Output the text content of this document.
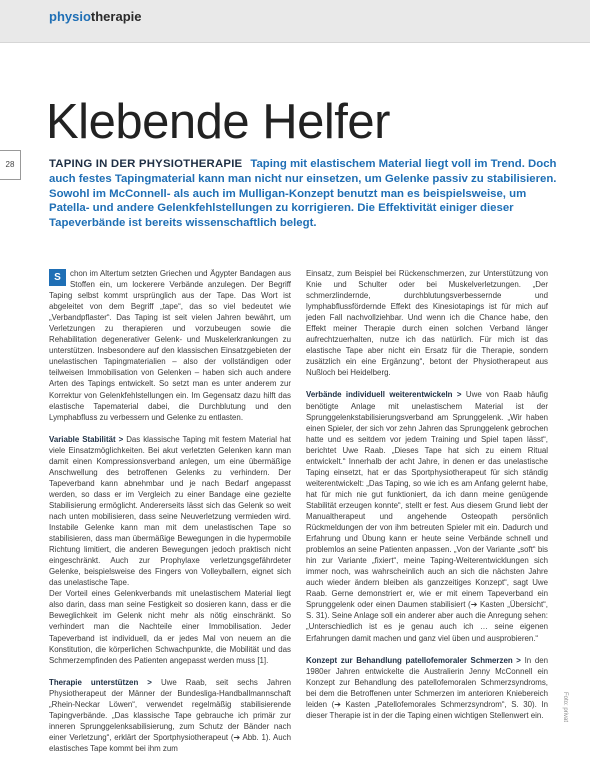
physiotherapie
28
Klebende Helfer

TAPING IN DER PHYSIOTHERAPIE Taping mit elastischem Material liegt voll im Trend. Doch auch festes Tapingmaterial kann man nicht nur einsetzen, um Gelenke passiv zu stabilisieren. Sowohl im McConnell- als auch im Mulligan-Konzept benutzt man es beispielsweise, um Patella- und andere Gelenkfehlstellungen zu korrigieren. Die Effektivität einiger dieser Tapeverbände ist bereits wissenschaftlich belegt.

S	chon im Altertum setzten Griechen und Ägypter Bandagen aus Stoffen ein, um lockerere Verbände anzulegen. Der Begriff Taping selbst kommt ursprünglich aus der Tape. Das Wort ist abgeleitet von dem Begriff „tape“, das so viel bedeutet wie „Verbandpflaster“. Das Taping ist seit vielen Jahren bewährt, um Verletzungen zu therapieren und vorzubeugen sowie die Rehabilitation degenerativer Gelenk- und Muskelerkrankungen zu unterstützen. Insbesondere auf den klassischen Einsatzgebieten der unelastischen Tapingmaterialien – also der vollständigen oder teilweisen Immobilisation von Gelenken – haben sich auch andere Arten des Tapings entwickelt. So setzt man es unter anderem zur Korrektur von Gelenkfehlstellungen ein. Im Gegensatz dazu hilft das elastische Tapematerial dabei, die Durchblutung und den Lymphabfluss zu verbessern und Gelenke zu entlasten.

Variable Stabilität > Das klassische Taping mit festem Material hat viele Einsatzmöglichkeiten. Bei akut verletzten Gelenken kann man damit einen Kompressionsverband anlegen, um eine übermäßige Anschwellung des betroffenen Gelenks zu verhindern. Der Tapeverband kann abnehmbar und je nach Bedarf angepasst werden, so dass er im Vergleich zu einer Bandage eine gezielte Stabilisierung ermöglicht. Andererseits lässt sich das Gelenk so weit nach unten mobilisieren, dass seine Neuverletzung vermieden wird. Instabile Gelenke kann man mit dem unelastischen Tape so stabilisieren, dass man übermäßige Bewegungen in die hypermobile Richtung limitiert, die anderen Bewegungen jedoch praktisch nicht eingeschränkt. Auch zur Prophylaxe verletzungsgefährdeter Gelenke, beispielsweise des Fingers von Volleyballern, eignet sich das unelastische Tape.

Der Vorteil eines Gelenkverbands mit unelastischem Material liegt also darin, dass man seine Festigkeit so dosieren kann, dass er die Beweglichkeit im Gelenk nicht mehr als nötig einschränkt. So verhindert man die Nachteile einer Immobilisation. Jeder Tapeverband ist individuell, da er jedes Mal von neuem an die Konstitution, die körperlichen Schwachpunkte, die Mobilität und das Schmerzempfinden des Patienten angepasst werden muss [1].

Therapie unterstützen > Uwe Raab, seit sechs Jahren Physiotherapeut der Männer der Bundesliga-Handballmannschaft „Rhein-Neckar Löwen“, verwendet regelmäßig stabilisierende Tapingverbände. „Das klassische Tape gebrauche ich primär zur inneren Sprunggelenksabilisierung, zum Schutz der Bänder nach einer Verletzung“, erklärt der Sportphysiotherapeut (➔ Abb. 1). Auch elastisches Tape kommt bei ihm zum

Einsatz, zum Beispiel bei Rückenschmerzen, zur Unterstützung von Knie und Schulter oder bei Muskelverletzungen. „Der schmerzlindernde, durchblutungsverbessernde und lymphabflussfördernde Effekt des Kinesiotapings ist für mich auf jeden Fall nachvollziehbar. Und wenn ich die Chance habe, den Effekt meiner Therapie durch einen solchen Verband länger aufrechtzuerhalten, nutze ich das natürlich. Für mich ist das elastische Tape aber nicht ein Ersatz für die Therapie, sondern zusätzlich ein eine Ergänzung“, betont der Physiotherapeut aus Nußloch bei Heidelberg.

Verbände individuell weiterentwickeln > Uwe von Raab häufig benötigte Anlage mit unelastischem Material ist der Sprunggelenkstabilisierungsverband am Sprunggelenk. „Wir haben einen Spieler, der sich vor zehn Jahren das Sprunggelenk gebrochen hatte und es seitdem vor jedem Training und Spiel tapen lässt“, berichtet Uwe Raab. „Dieses Tape hat sich zu einem Ritual entwickelt.“ Innerhalb der acht Jahre, in denen er das unelastische Taping einsetzt, hat er das Sportphysiotherapeut für sich ständig weiterentwickelt: „Das Taping, so wie ich es am Anfang gelernt habe, hat für mich nie gut funktioniert, da ich dann meine genügende Stabilität erzeugen konnte“, stellt er fest. Aus diesem Grund liebt der Manualtherapeut und angehende Osteopath persönlich Rückmeldungen der von ihm betreuten Spieler mit ein. Dadurch und Erfahrung und Übung kann er heute seine Verbände schnell und problemlos an seine Patienten anpassen. „Von der Variante „soft“ bis hin zur Variante „fixiert“, meine Taping-Weiterentwicklungen sich immer noch, was wahrscheinlich auch an sich die nächsten Jahre auch wieder ändern bleiben als ganzzeitiges Konzept“, sagt Uwe Raab. Gerne demonstriert er, wie er mit einem Tapeverband ein Sprunggelenk oder einen Daumen stabilisiert (➔ Kasten „Übersicht“, S. 31). Seine Anlage soll ein anderer aber auch die Anregung sehen: „Unterschiedlich ist es je genau auch ich … seine eigenen Erfahrungen damit machen und ganz viel üben und ausprobieren.“

Konzept zur Behandlung patellofemoraler Schmerzen > In den 1980er Jahren entwickelte die Australierin Jenny McConnell ein Konzept zur Behandlung des patellofemoralen Schmerzsyndroms, bei dem die Betroffenen unter Schmerzen im anterioren Kniebereich leiden (➔ Kasten „Patellofemorales Schmerzsyndrom“, S. 30). In dieser Therapie ist in der die Taping einen wichtigen Stellenwert ein.	Foto: privat
